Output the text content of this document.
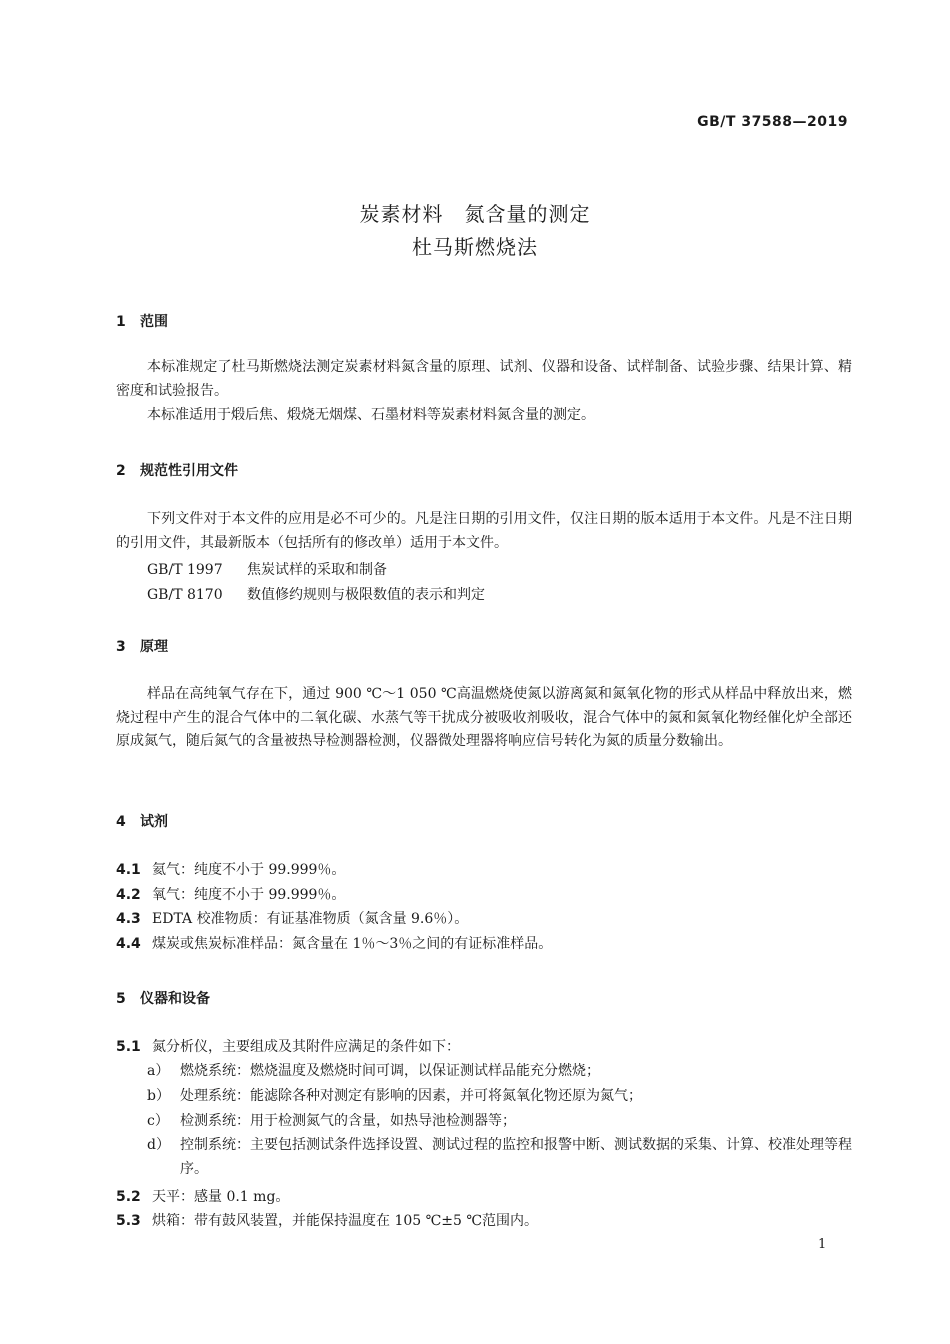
GB/T 37588—2019
炭素材料　氮含量的测定
杜马斯燃烧法
1 范围

本标准规定了杜马斯燃烧法测定炭素材料氮含量的原理、试剂、仪器和设备、试样制备、试验步骤、结果计算、精密度和试验报告。

本标准适用于煅后焦、煅烧无烟煤、石墨材料等炭素材料氮含量的测定。

2 规范性引用文件

下列文件对于本文件的应用是必不可少的。凡是注日期的引用文件，仅注日期的版本适用于本文件。凡是不注日期的引用文件，其最新版本（包括所有的修改单）适用于本文件。

GB/T 1997 焦炭试样的采取和制备
GB/T 8170 数值修约规则与极限数值的表示和判定
3 原理

样品在高纯氧气存在下，通过 900 ℃～1 050 ℃高温燃烧使氮以游离氮和氮氧化物的形式从样品中释放出来，燃烧过程中产生的混合气体中的二氧化碳、水蒸气等干扰成分被吸收剂吸收，混合气体中的氮和氮氧化物经催化炉全部还原成氮气，随后氮气的含量被热导检测器检测，仪器微处理器将响应信号转化为氮的质量分数输出。

4 试剂
4.1 氦气：纯度不小于 99.999％。
4.2 氧气：纯度不小于 99.999％。
4.3 EDTA 校准物质：有证基准物质（氮含量 9.6％）。
4.4 煤炭或焦炭标准样品：氮含量在 1％～3％之间的有证标准样品。
5 仪器和设备
5.1 氮分析仪，主要组成及其附件应满足的条件如下：
a） 燃烧系统：燃烧温度及燃烧时间可调，以保证测试样品能充分燃烧；
b） 处理系统：能滤除各种对测定有影响的因素，并可将氮氧化物还原为氮气；
c） 检测系统：用于检测氮气的含量，如热导池检测器等；
d） 控制系统：主要包括测试条件选择设置、测试过程的监控和报警中断、测试数据的采集、计算、校准处理等程序。

5.2 天平：感量 0.1 mg。
5.3 烘箱：带有鼓风装置，并能保持温度在 105 ℃±5 ℃范围内。
1
